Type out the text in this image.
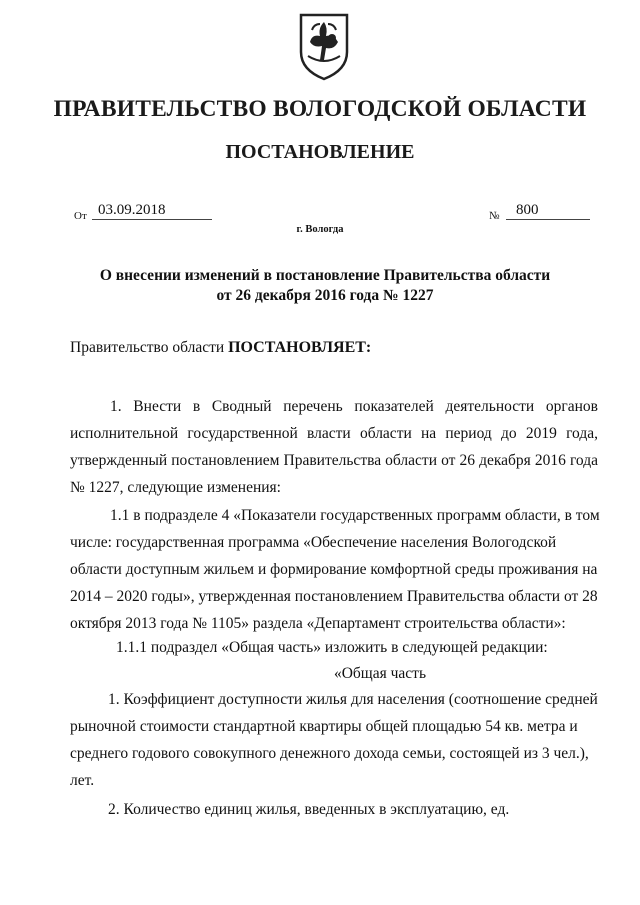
ПРАВИТЕЛЬСТВО ВОЛОГОДСКОЙ ОБЛАСТИ
ПОСТАНОВЛЕНИЕ
От 03.09.2018	№	800
г. Вологда
О внесении изменений в постановление Правительства области
от 26 декабря 2016 года № 1227
Правительство области ПОСТАНОВЛЯЕТ:
1. Внести в Сводный перечень показателей деятельности органов исполнительной государственной власти области на период до 2019 года, утвержденный постановлением Правительства области от 26 декабря 2016 года № 1227, следующие изменения:
1.1 в подразделе 4 «Показатели государственных программ области, в том числе: государственная программа «Обеспечение населения Вологодской области доступным жильем и формирование комфортной среды проживания на 2014 – 2020 годы», утвержденная постановлением Правительства области от 28 октября 2013 года № 1105» раздела «Департамент строительства области»:
1.1.1 подраздел «Общая часть» изложить в следующей редакции:
«Общая часть
1. Коэффициент доступности жилья для населения (соотношение средней рыночной стоимости стандартной квартиры общей площадью 54 кв. метра и среднего годового совокупного денежного дохода семьи, состоящей из 3 чел.), лет.
2. Количество единиц жилья, введенных в эксплуатацию, ед.
